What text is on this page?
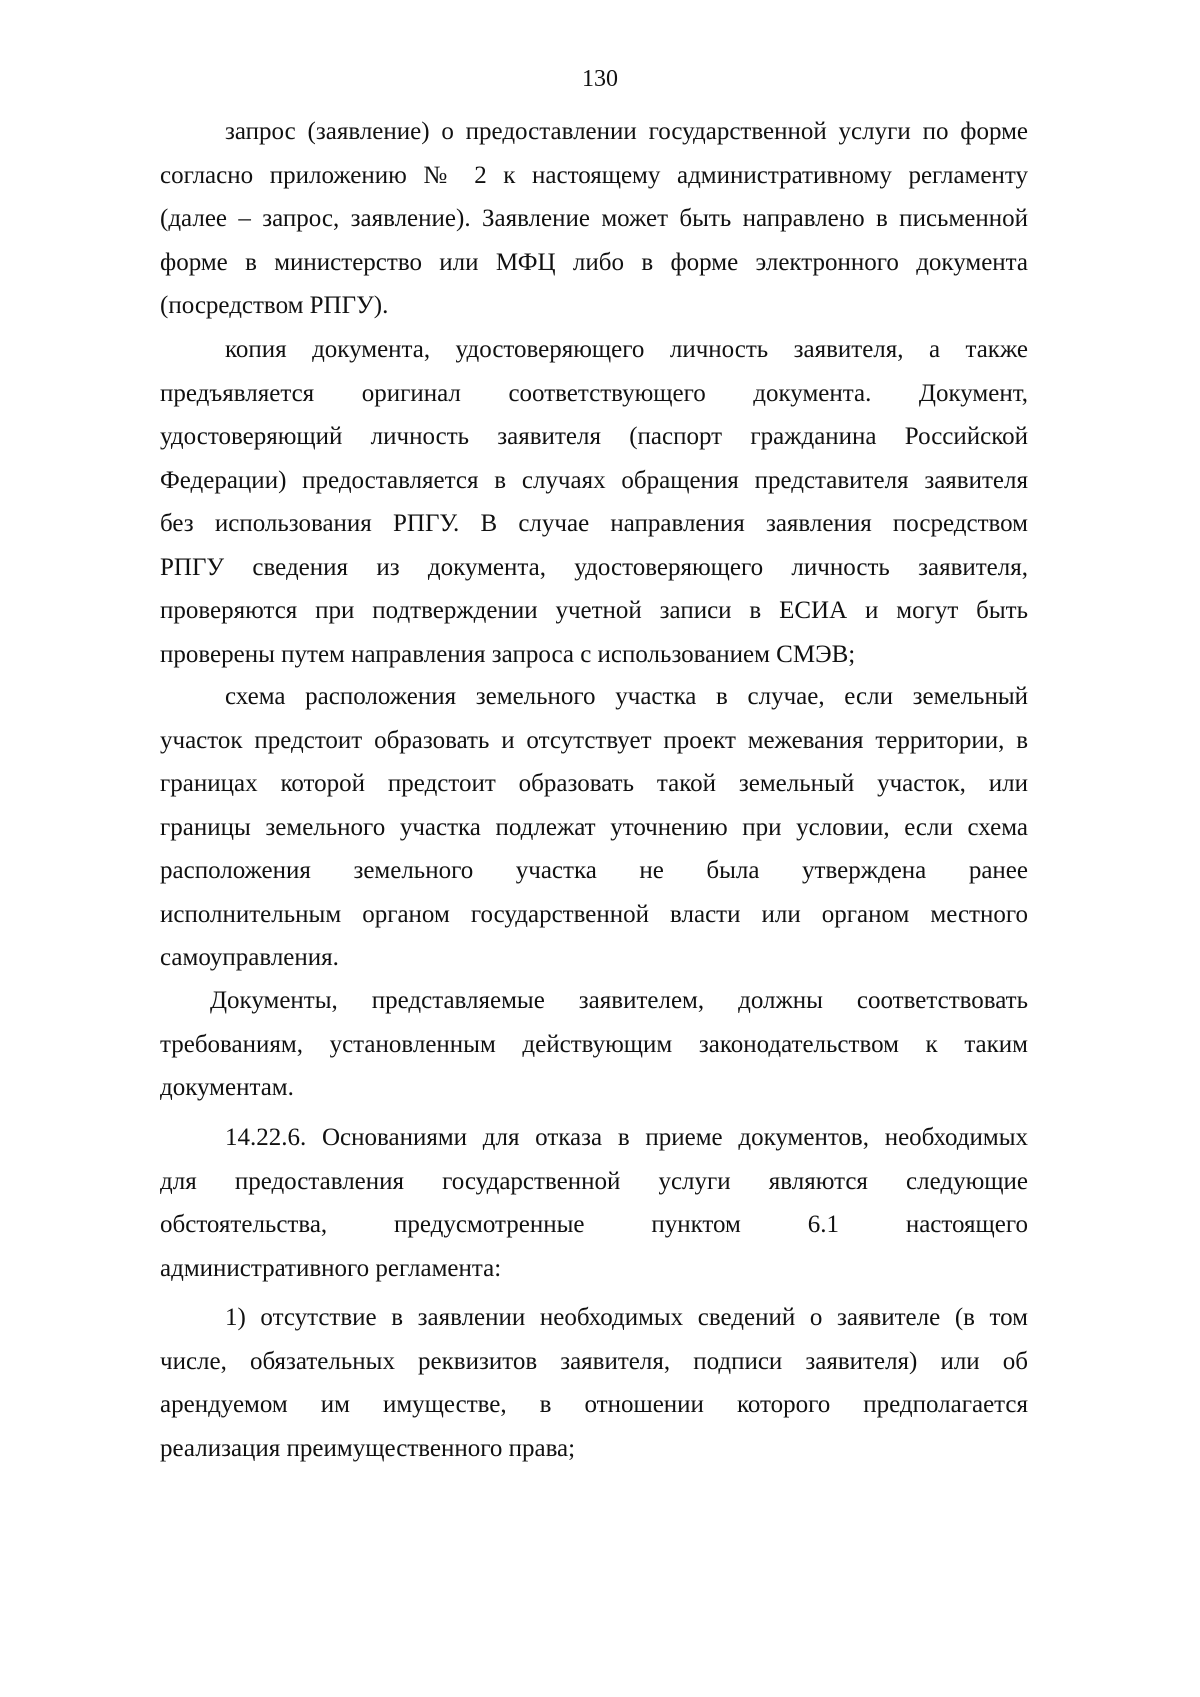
130
запрос (заявление) о предоставлении государственной услуги по форме
согласно приложению № 2 к настоящему административному регламенту
(далее – запрос, заявление). Заявление может быть направлено в письменной
форме в министерство или МФЦ либо в форме электронного документа
(посредством РПГУ).
копия документа, удостоверяющего личность заявителя, а также
предъявляется оригинал соответствующего документа. Документ,
удостоверяющий личность заявителя (паспорт гражданина Российской
Федерации) предоставляется в случаях обращения представителя заявителя
без использования РПГУ. В случае направления заявления посредством
РПГУ сведения из документа, удостоверяющего личность заявителя,
проверяются при подтверждении учетной записи в ЕСИА и могут быть
проверены путем направления запроса с использованием СМЭВ;
схема расположения земельного участка в случае, если земельный
участок предстоит образовать и отсутствует проект межевания территории, в
границах которой предстоит образовать такой земельный участок, или
границы земельного участка подлежат уточнению при условии, если схема
расположения земельного участка не была утверждена ранее
исполнительным органом государственной власти или органом местного
самоуправления.
Документы, представляемые заявителем, должны соответствовать
требованиям, установленным действующим законодательством к таким
документам.
14.22.6. Основаниями для отказа в приеме документов, необходимых
для предоставления государственной услуги являются следующие
обстоятельства, предусмотренные пунктом 6.1 настоящего
административного регламента:
1) отсутствие в заявлении необходимых сведений о заявителе (в том
числе, обязательных реквизитов заявителя, подписи заявителя) или об
арендуемом им имуществе, в отношении которого предполагается
реализация преимущественного права;
